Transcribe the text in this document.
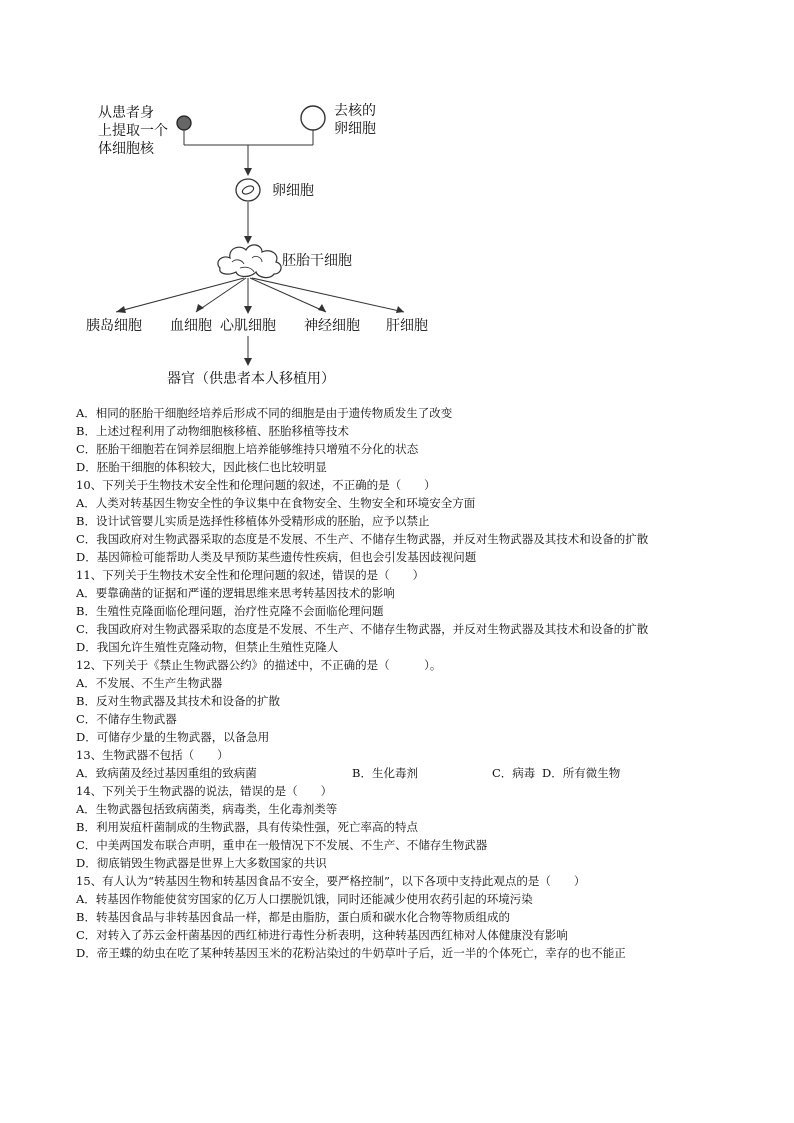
从患者身
上提取一个
体细胞核
去核的
卵细胞
卵细胞
胚胎干细胞
胰岛细胞 血细胞 心肌细胞 神经细胞 肝细胞
器官（供患者本人移植用）
A．相同的胚胎干细胞经培养后形成不同的细胞是由于遗传物质发生了改变
B．上述过程利用了动物细胞核移植、胚胎移植等技术
C．胚胎干细胞若在饲养层细胞上培养能够维持只增殖不分化的状态
D．胚胎干细胞的体积较大，因此核仁也比较明显
10、下列关于生物技术安全性和伦理问题的叙述，不正确的是（　　）
A．人类对转基因生物安全性的争议集中在食物安全、生物安全和环境安全方面
B．设计试管婴儿实质是选择性移植体外受精形成的胚胎，应予以禁止
C．我国政府对生物武器采取的态度是不发展、不生产、不储存生物武器，并反对生物武器及其技术和设备的扩散
D．基因筛检可能帮助人类及早预防某些遗传性疾病，但也会引发基因歧视问题
11、下列关于生物技术安全性和伦理问题的叙述，错误的是（　　）
A．要靠确凿的证据和严谨的逻辑思维来思考转基因技术的影响
B．生殖性克隆面临伦理问题，治疗性克隆不会面临伦理问题
C．我国政府对生物武器采取的态度是不发展、不生产、不储存生物武器，并反对生物武器及其技术和设备的扩散
D．我国允许生殖性克隆动物，但禁止生殖性克隆人
12、下列关于《禁止生物武器公约》的描述中，不正确的是（　　　）。
A．不发展、不生产生物武器
B．反对生物武器及其技术和设备的扩散
C．不储存生物武器
D．可储存少量的生物武器，以备急用
13、生物武器不包括（　　）
A．致病菌及经过基因重组的致病菌	B．生化毒剂	C．病毒 D．所有微生物
14、下列关于生物武器的说法，错误的是（　　）
A．生物武器包括致病菌类，病毒类，生化毒剂类等
B．利用炭疽杆菌制成的生物武器，具有传染性强，死亡率高的特点
C．中美两国发布联合声明，重申在一般情况下不发展、不生产、不储存生物武器
D．彻底销毁生物武器是世界上大多数国家的共识
15、有人认为“转基因生物和转基因食品不安全，要严格控制”，以下各项中支持此观点的是（　　）
A．转基因作物能使贫穷国家的亿万人口摆脱饥饿，同时还能减少使用农药引起的环境污染
B．转基因食品与非转基因食品一样，都是由脂肪，蛋白质和碳水化合物等物质组成的
C．对转入了苏云金杆菌基因的西红柿进行毒性分析表明，这种转基因西红柿对人体健康没有影响
D．帝王蝶的幼虫在吃了某种转基因玉米的花粉沾染过的牛奶草叶子后，近一半的个体死亡，幸存的也不能正
